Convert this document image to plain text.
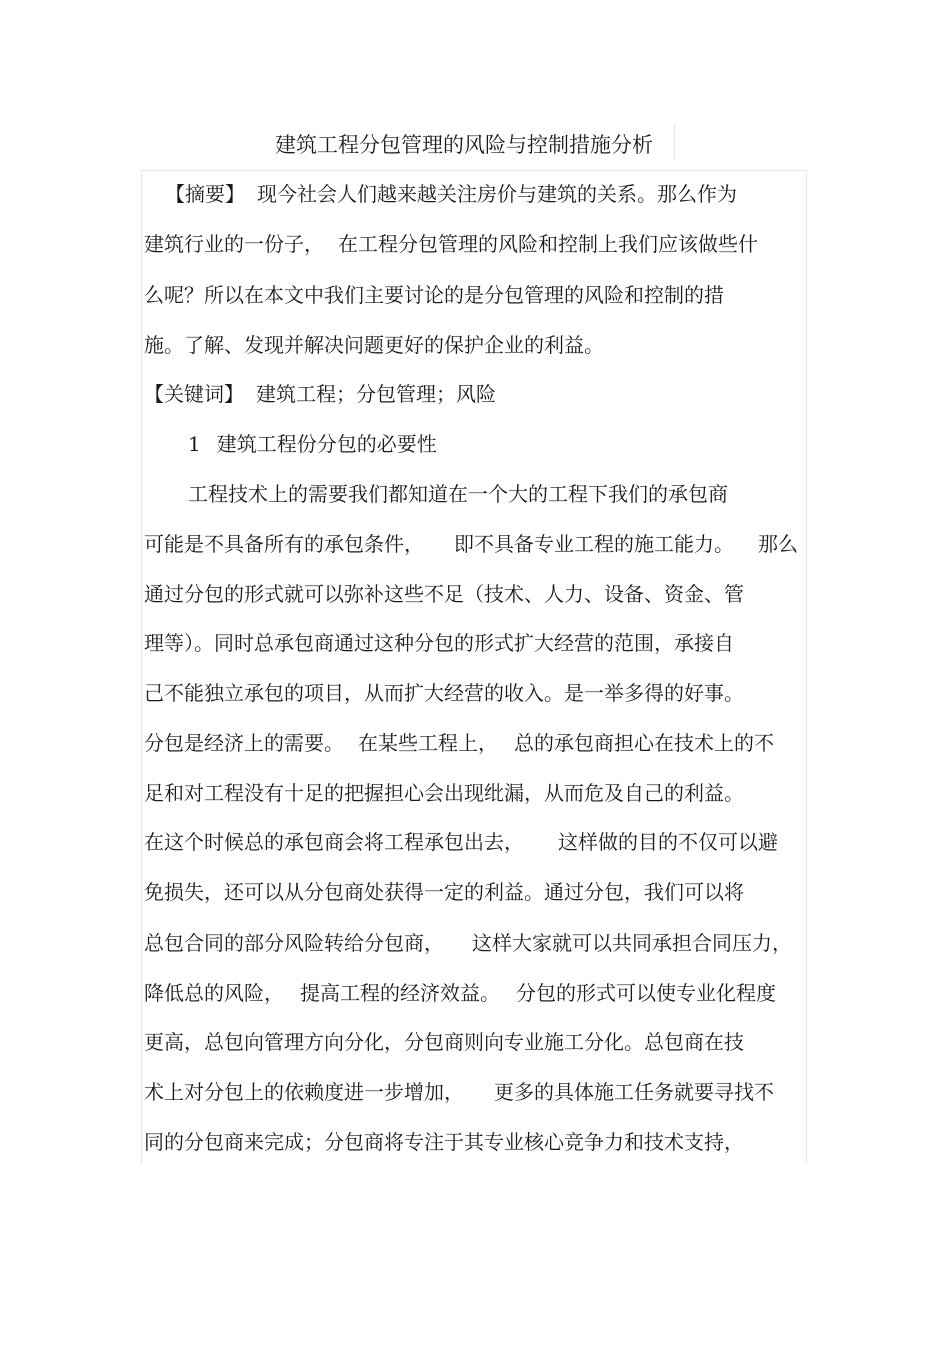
建筑工程分包管理的风险与控制措施分析
【摘要】 现今社会人们越来越关注房价与建筑的关系。那么作为
建筑行业的一份子， 在工程分包管理的风险和控制上我们应该做些什
么呢？所以在本文中我们主要讨论的是分包管理的风险和控制的措
施。了解、发现并解决问题更好的保护企业的利益。
【关键词】 建筑工程；分包管理；风险
1 建筑工程份分包的必要性
工程技术上的需要我们都知道在一个大的工程下我们的承包商
可能是不具备所有的承包条件， 即不具备专业工程的施工能力。 那么
通过分包的形式就可以弥补这些不足（技术、人力、设备、资金、管
理等）。同时总承包商通过这种分包的形式扩大经营的范围，承接自
己不能独立承包的项目，从而扩大经营的收入。是一举多得的好事。
分包是经济上的需要。 在某些工程上， 总的承包商担心在技术上的不
足和对工程没有十足的把握担心会出现纰漏，从而危及自己的利益。
在这个时候总的承包商会将工程承包出去， 这样做的目的不仅可以避
免损失，还可以从分包商处获得一定的利益。通过分包，我们可以将
总包合同的部分风险转给分包商， 这样大家就可以共同承担合同压力，
降低总的风险， 提高工程的经济效益。 分包的形式可以使专业化程度
更高，总包向管理方向分化，分包商则向专业施工分化。总包商在技
术上对分包上的依赖度进一步增加， 更多的具体施工任务就要寻找不
同的分包商来完成；分包商将专注于其专业核心竞争力和技术支持，
